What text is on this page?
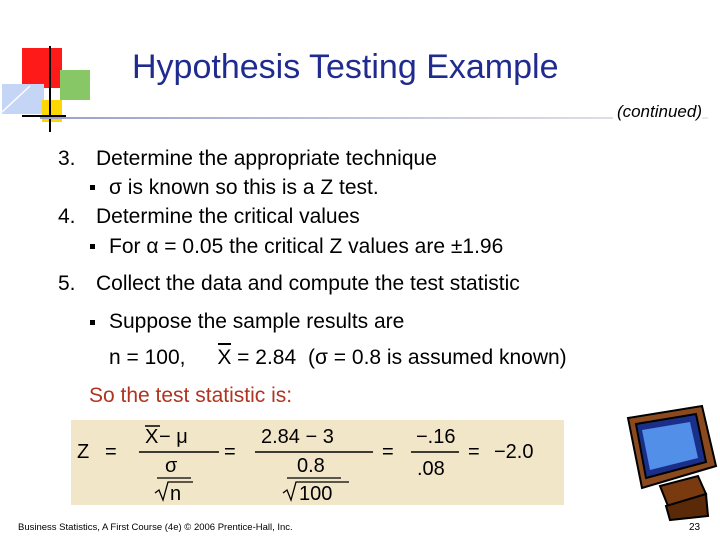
Hypothesis Testing Example
(continued)
3. Determine the appropriate technique
σ is known so this is a Z test.
4. Determine the critical values
For α = 0.05 the critical Z values are ±1.96
5. Collect the data and compute the test statistic
Suppose the sample results are
n = 100, X = 2.84 (σ = 0.8 is assumed known)
So the test statistic is:
Z =
X − μ
σ
n
=
2.84 − 3
0.8
100
=
−.16
.08
= −2.0
Business Statistics, A First Course (4e) © 2006 Prentice-Hall, Inc.	23
